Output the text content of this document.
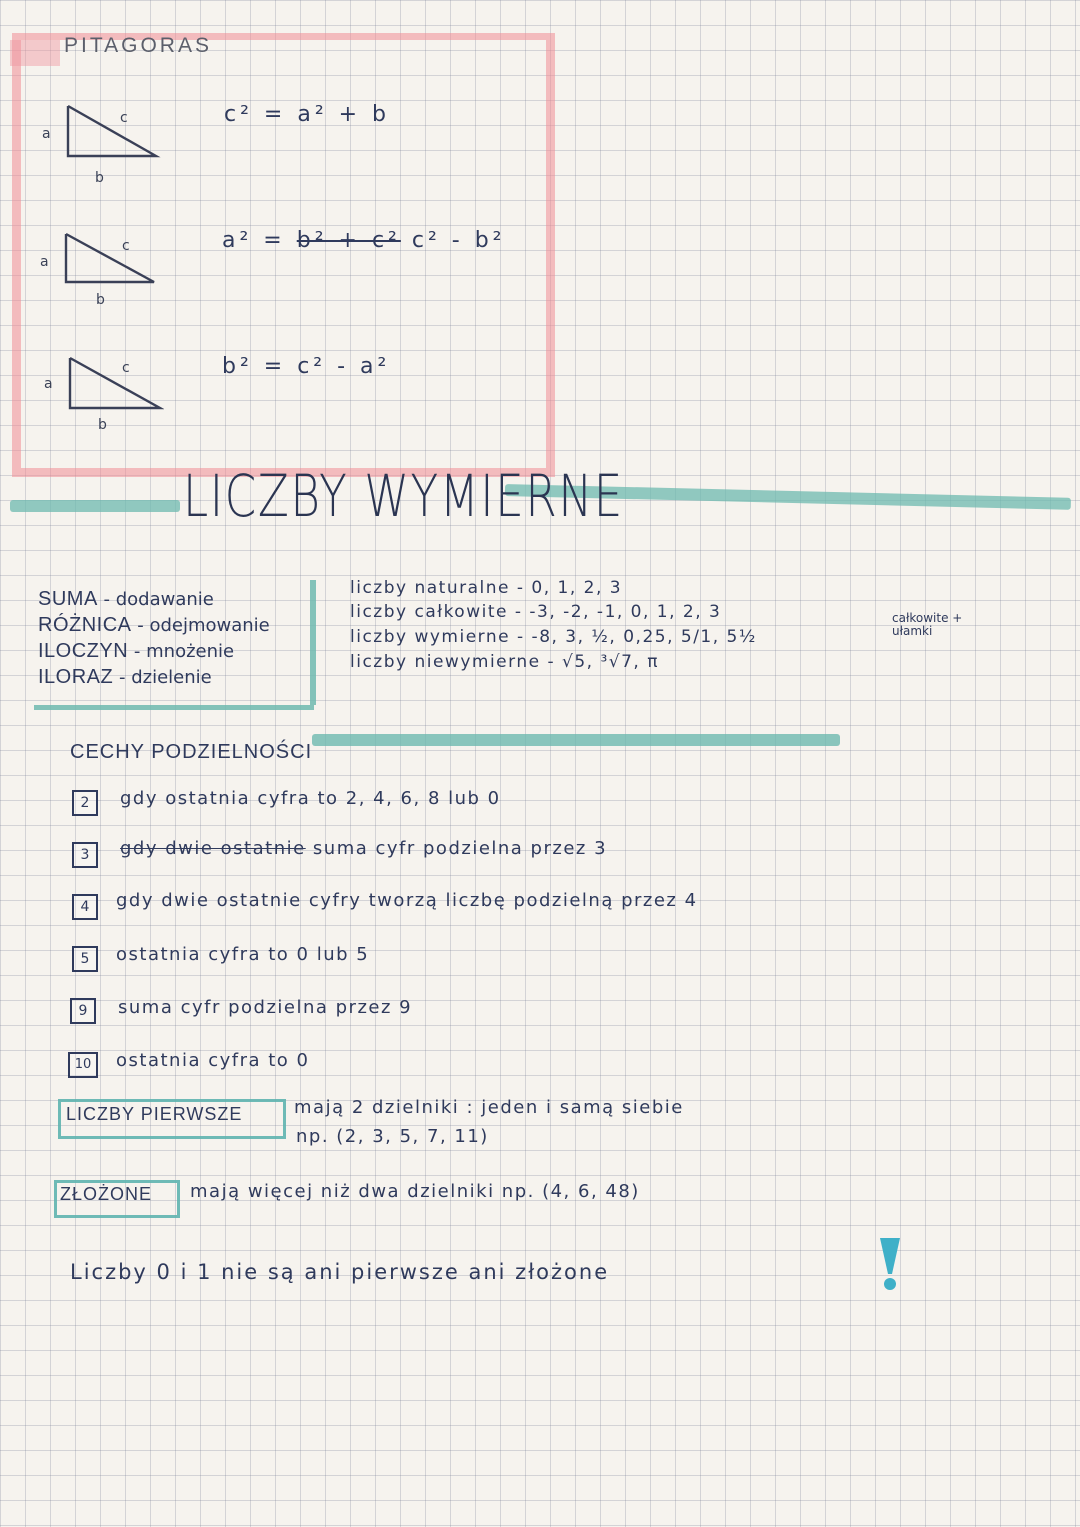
PITAGORAS
a
c
b
c² = a² + b
a
c
b
a² = b² + c² c² - b²
a
c
b
b² = c² - a²
LICZBY WYMIERNE
SUMA - dodawanie
RÓŻNICA - odejmowanie
ILOCZYN - mnożenie
ILORAZ - dzielenie
liczby naturalne - 0, 1, 2, 3
liczby całkowite - -3, -2, -1, 0, 1, 2, 3
liczby wymierne - -8, 3, ½, 0,25, 5/1, 5½
liczby niewymierne - √5, ³√7, π
całkowite +
ułamki
CECHY PODZIELNOŚCI
2	gdy ostatnia cyfra to 2, 4, 6, 8 lub 0
3	gdy dwie ostatnie suma cyfr podzielna przez 3
4	gdy dwie ostatnie cyfry tworzą liczbę podzielną przez 4
5	ostatnia cyfra to 0 lub 5
9	suma cyfr podzielna przez 9
10	ostatnia cyfra to 0
LICZBY PIERWSZE	mają 2 dzielniki : jeden i samą siebie
np. (2, 3, 5, 7, 11)
ZŁOŻONE mają więcej niż dwa dzielniki np. (4, 6, 48)
Liczby 0 i 1 nie są ani pierwsze ani złożone
